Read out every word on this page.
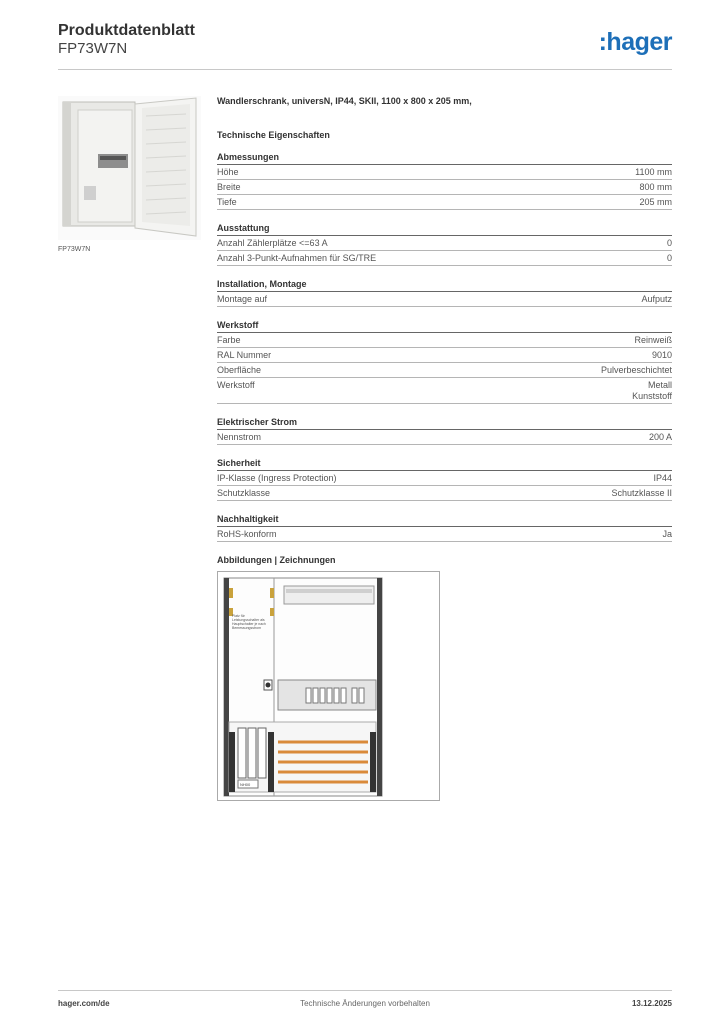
Produktdatenblatt
FP73W7N	:hager
FP73W7N
Wandlerschrank, universN, IP44, SKII, 1100 x 800 x 205 mm,
Technische Eigenschaften
Abmessungen
Höhe	1100 mm
Breite	800 mm
Tiefe	205 mm
Ausstattung
Anzahl Zählerplätze <=63 A	0
Anzahl 3-Punkt-Aufnahmen für SG/TRE	0
Installation, Montage
Montage auf	Aufputz
Werkstoff
Farbe	Reinweiß
RAL Nummer	9010
Oberfläche	Pulverbeschichtet
Werkstoff	Metall
Kunststoff
Elektrischer Strom
Nennstrom	200 A
Sicherheit
IP-Klasse (Ingress Protection)	IP44
Schutzklasse	Schutzklasse II
Nachhaltigkeit
RoHS-konform	Ja
Abbildungen | Zeichnungen
Platz für Leistungsschalter als Hauptschalter je nach Bemessungsstrom
NH00
hager.com/de	Technische Änderungen vorbehalten	13.12.2025
